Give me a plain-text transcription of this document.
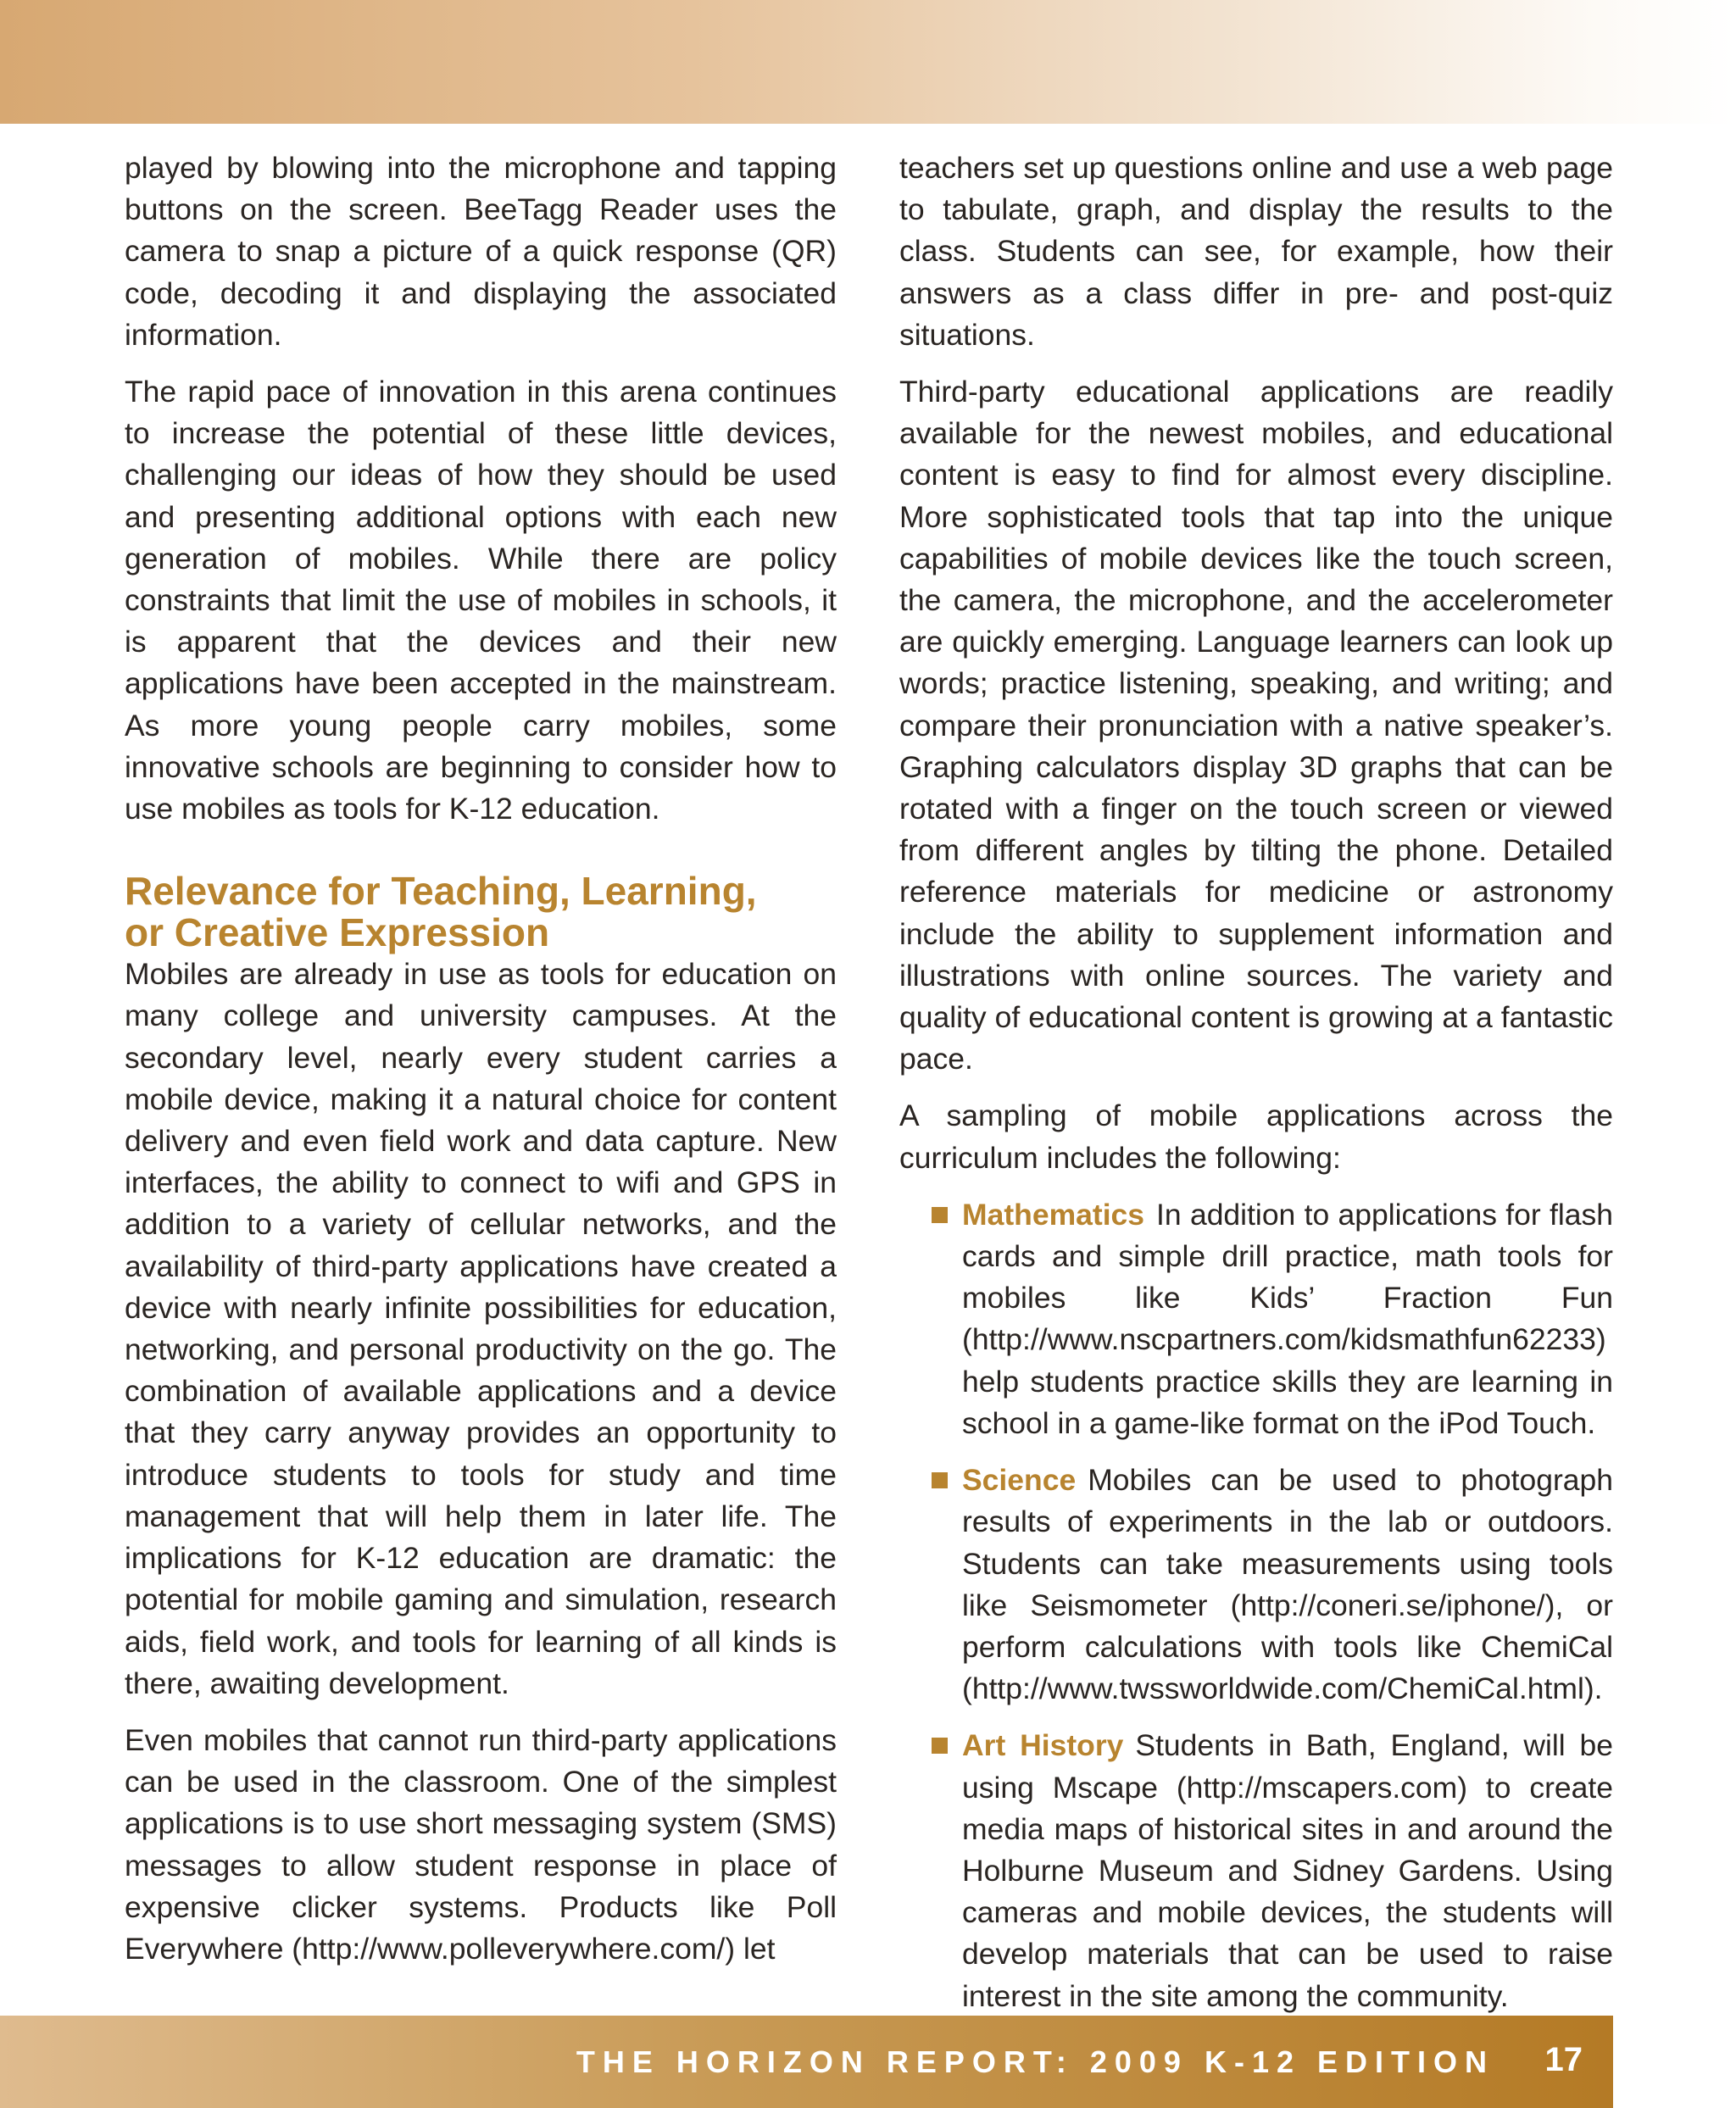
played by blowing into the microphone and tapping buttons on the screen. BeeTagg Reader uses the camera to snap a picture of a quick response (QR) code, decoding it and displaying the associated information.

The rapid pace of innovation in this arena continues to increase the potential of these little devices, challenging our ideas of how they should be used and presenting additional options with each new generation of mobiles. While there are policy constraints that limit the use of mobiles in schools, it is apparent that the devices and their new applications have been accepted in the mainstream. As more young people carry mobiles, some innovative schools are beginning to consider how to use mobiles as tools for K-12 education.

Relevance for Teaching, Learning,
or Creative Expression

Mobiles are already in use as tools for education on many college and university campuses. At the secondary level, nearly every student carries a mobile device, making it a natural choice for content delivery and even field work and data capture. New interfaces, the ability to connect to wifi and GPS in addition to a variety of cellular networks, and the availability of third-party applications have created a device with nearly infinite possibilities for education, networking, and personal productivity on the go. The combination of available applications and a device that they carry anyway provides an opportunity to introduce students to tools for study and time management that will help them in later life. The implications for K-12 education are dramatic: the potential for mobile gaming and simulation, research aids, field work, and tools for learning of all kinds is there, awaiting development.

Even mobiles that cannot run third-party applications can be used in the classroom. One of the simplest applications is to use short messaging system (SMS) messages to allow student response in place of expensive clicker systems. Products like Poll Everywhere (http://www.polleverywhere.com/) let

teachers set up questions online and use a web page to tabulate, graph, and display the results to the class. Students can see, for example, how their answers as a class differ in pre- and post-quiz situations.

Third-party educational applications are readily available for the newest mobiles, and educational content is easy to find for almost every discipline. More sophisticated tools that tap into the unique capabilities of mobile devices like the touch screen, the camera, the microphone, and the accelerometer are quickly emerging. Language learners can look up words; practice listening, speaking, and writing; and compare their pronunciation with a native speaker’s. Graphing calculators display 3D graphs that can be rotated with a finger on the touch screen or viewed from different angles by tilting the phone. Detailed reference materials for medicine or astronomy include the ability to supplement information and illustrations with online sources. The variety and quality of educational content is growing at a fantastic pace.

A sampling of mobile applications across the curriculum includes the following:

Mathematics In addition to applications for flash cards and simple drill practice, math tools for mobiles like Kids’ Fraction Fun (http://www.nscpartners.com/kidsmathfun62233) help students practice skills they are learning in school in a game-like format on the iPod Touch.
Science Mobiles can be used to photograph results of experiments in the lab or outdoors. Students can take measurements using tools like Seismometer (http://coneri.se/iphone/), or perform calculations with tools like ChemiCal (http://www.twssworldwide.com/ChemiCal.html).
Art History Students in Bath, England, will be using Mscape (http://mscapers.com) to create media maps of historical sites in and around the Holburne Museum and Sidney Gardens. Using cameras and mobile devices, the students will develop materials that can be used to raise interest in the site among the community.
THE HORIZON REPORT: 2009 K-12 EDITION 17
